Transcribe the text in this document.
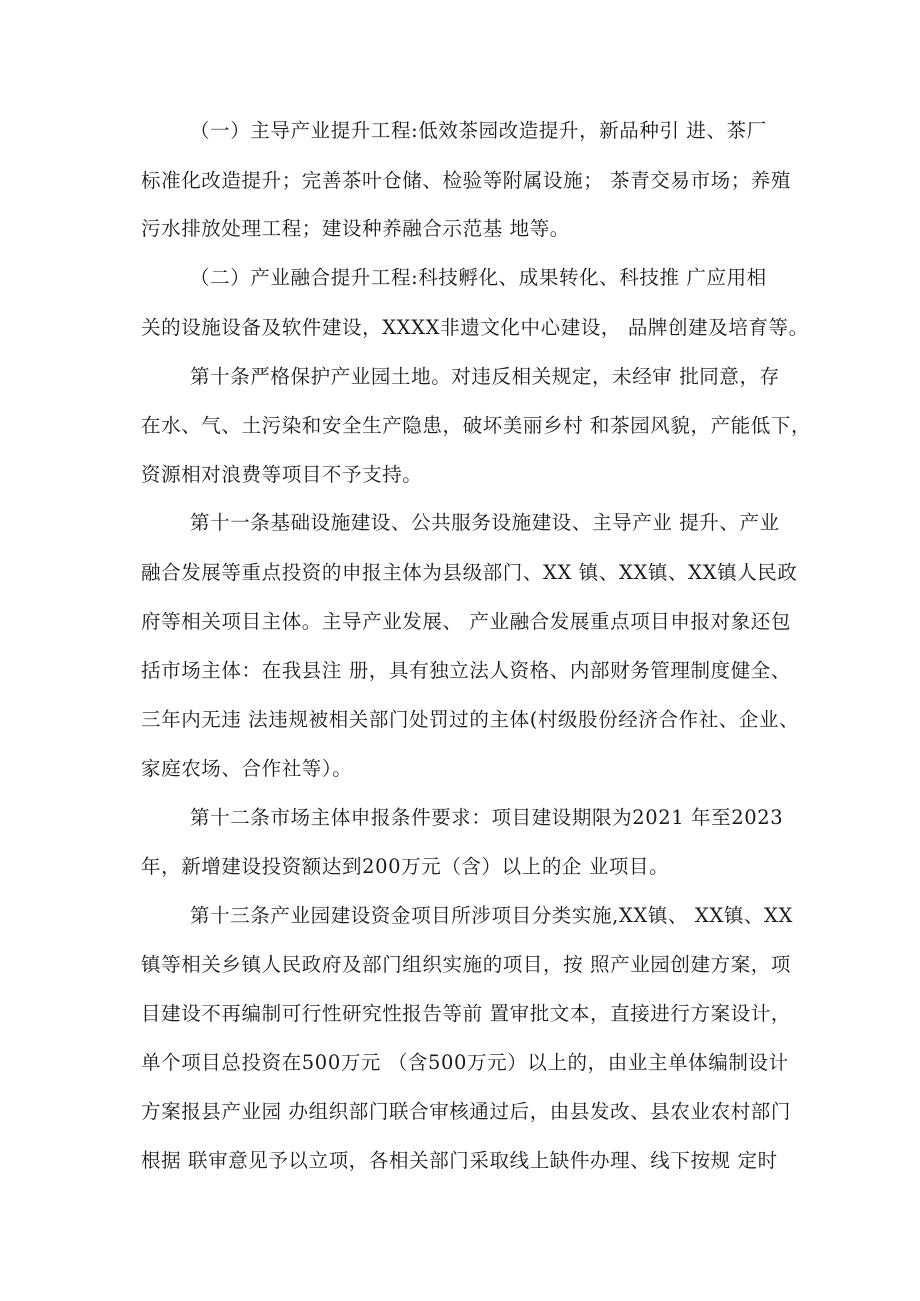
（一）主导产业提升工程:低效茶园改造提升，新品种引 进、茶厂
标准化改造提升；完善茶叶仓储、检验等附属设施； 茶青交易市场；养殖
污水排放处理工程；建设种养融合示范基 地等。
（二）产业融合提升工程:科技孵化、成果转化、科技推 广应用相
关的设施设备及软件建设，XXXX非遗文化中心建设， 品牌创建及培育等。
第十条严格保护产业园土地。对违反相关规定，未经审 批同意，存
在水、气、土污染和安全生产隐患，破坏美丽乡村 和茶园风貌，产能低下，
资源相对浪费等项目不予支持。
第十一条基础设施建设、公共服务设施建设、主导产业 提升、产业
融合发展等重点投资的申报主体为县级部门、XX 镇、XX镇、XX镇人民政
府等相关项目主体。主导产业发展、 产业融合发展重点项目申报对象还包
括市场主体：在我县注 册，具有独立法人资格、内部财务管理制度健全、
三年内无违 法违规被相关部门处罚过的主体(村级股份经济合作社、企业、
家庭农场、合作社等）。
第十二条市场主体申报条件要求：项目建设期限为2021 年至2023
年，新增建设投资额达到200万元（含）以上的企 业项目。
第十三条产业园建设资金项目所涉项目分类实施,XX镇、 XX镇、XX
镇等相关乡镇人民政府及部门组织实施的项目，按 照产业园创建方案，项
目建设不再编制可行性研究性报告等前 置审批文本，直接进行方案设计，
单个项目总投资在500万元 （含500万元）以上的，由业主单体编制设计
方案报县产业园 办组织部门联合审核通过后，由县发改、县农业农村部门
根据 联审意见予以立项，各相关部门采取线上缺件办理、线下按规 定时
